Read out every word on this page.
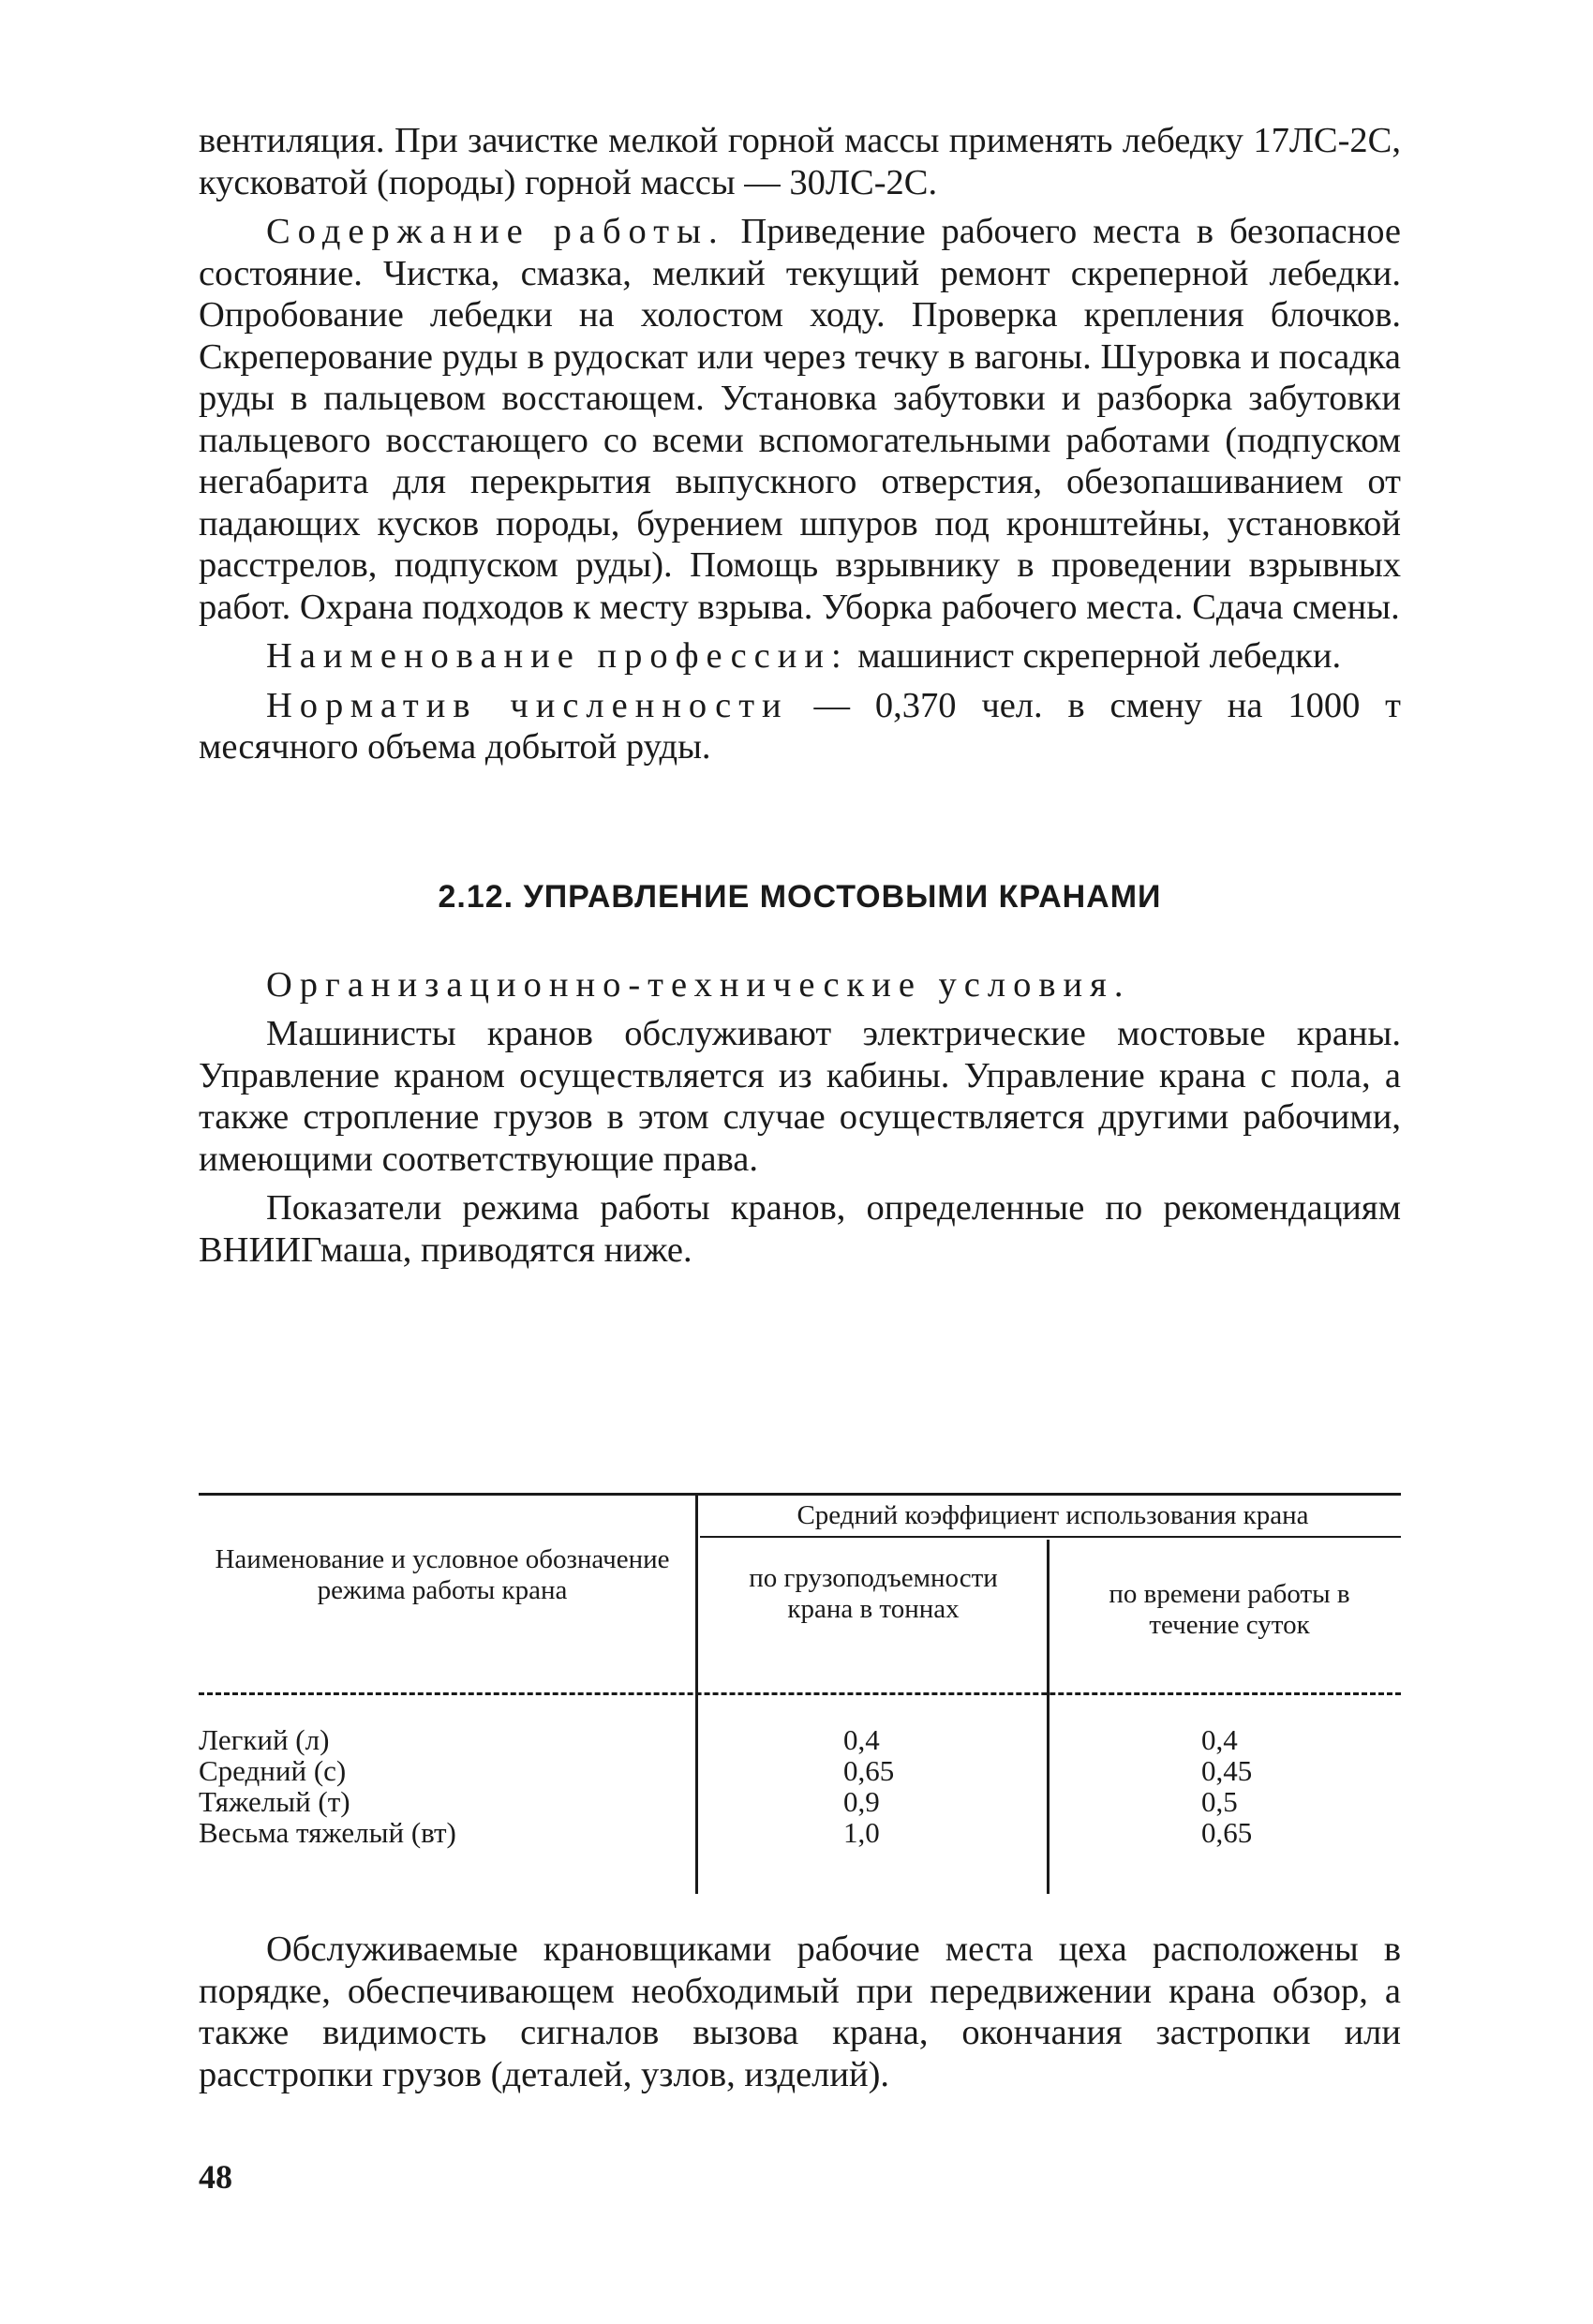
вентиляция. При зачистке мелкой горной массы применять лебедку 17ЛС-2С, кусковатой (породы) горной массы — 30ЛС-2С.

Содержание работы. Приведение рабочего места в безопасное состояние. Чистка, смазка, мелкий текущий ремонт скреперной лебедки. Опробование лебедки на холостом ходу. Проверка крепления блочков. Скреперование руды в рудоскат или через течку в вагоны. Шуровка и посадка руды в пальцевом восстающем. Установка забутовки и разборка забутовки пальцевого восстающего со всеми вспомогательными работами (подпуском негабарита для перекрытия выпускного отверстия, обезопашиванием от падающих кусков породы, бурением шпуров под кронштейны, установкой расстрелов, подпуском руды). Помощь взрывнику в проведении взрывных работ. Охрана подходов к месту взрыва. Уборка рабочего места. Сдача смены.

Наименование профессии: машинист скреперной лебедки.

Норматив численности — 0,370 чел. в смену на 1000 т месячного объема добытой руды.

2.12. УПРАВЛЕНИЕ МОСТОВЫМИ КРАНАМИ

Организационно-технические условия.

Машинисты кранов обслуживают электрические мостовые краны. Управление краном осуществляется из кабины. Управление крана с пола, а также стропление грузов в этом случае осуществляется другими рабочими, имеющими соответствующие права.

Показатели режима работы кранов, определенные по рекомендациям ВНИИГмаша, приводятся ниже.

Наименование и условное обозначение режима работы крана
Средний коэффициент использования крана
по грузоподъемности крана в тоннах	по времени работы в течение суток
Легкий (л)
Средний (с)
Тяжелый (т)
Весьма тяжелый (вт)
0,4
0,65
0,9
1,0
0,4
0,45
0,5
0,65

Обслуживаемые крановщиками рабочие места цеха расположены в порядке, обеспечивающем необходимый при передвижении крана обзор, а также видимость сигналов вызова крана, окончания застропки или расстропки грузов (деталей, узлов, изделий).

48
